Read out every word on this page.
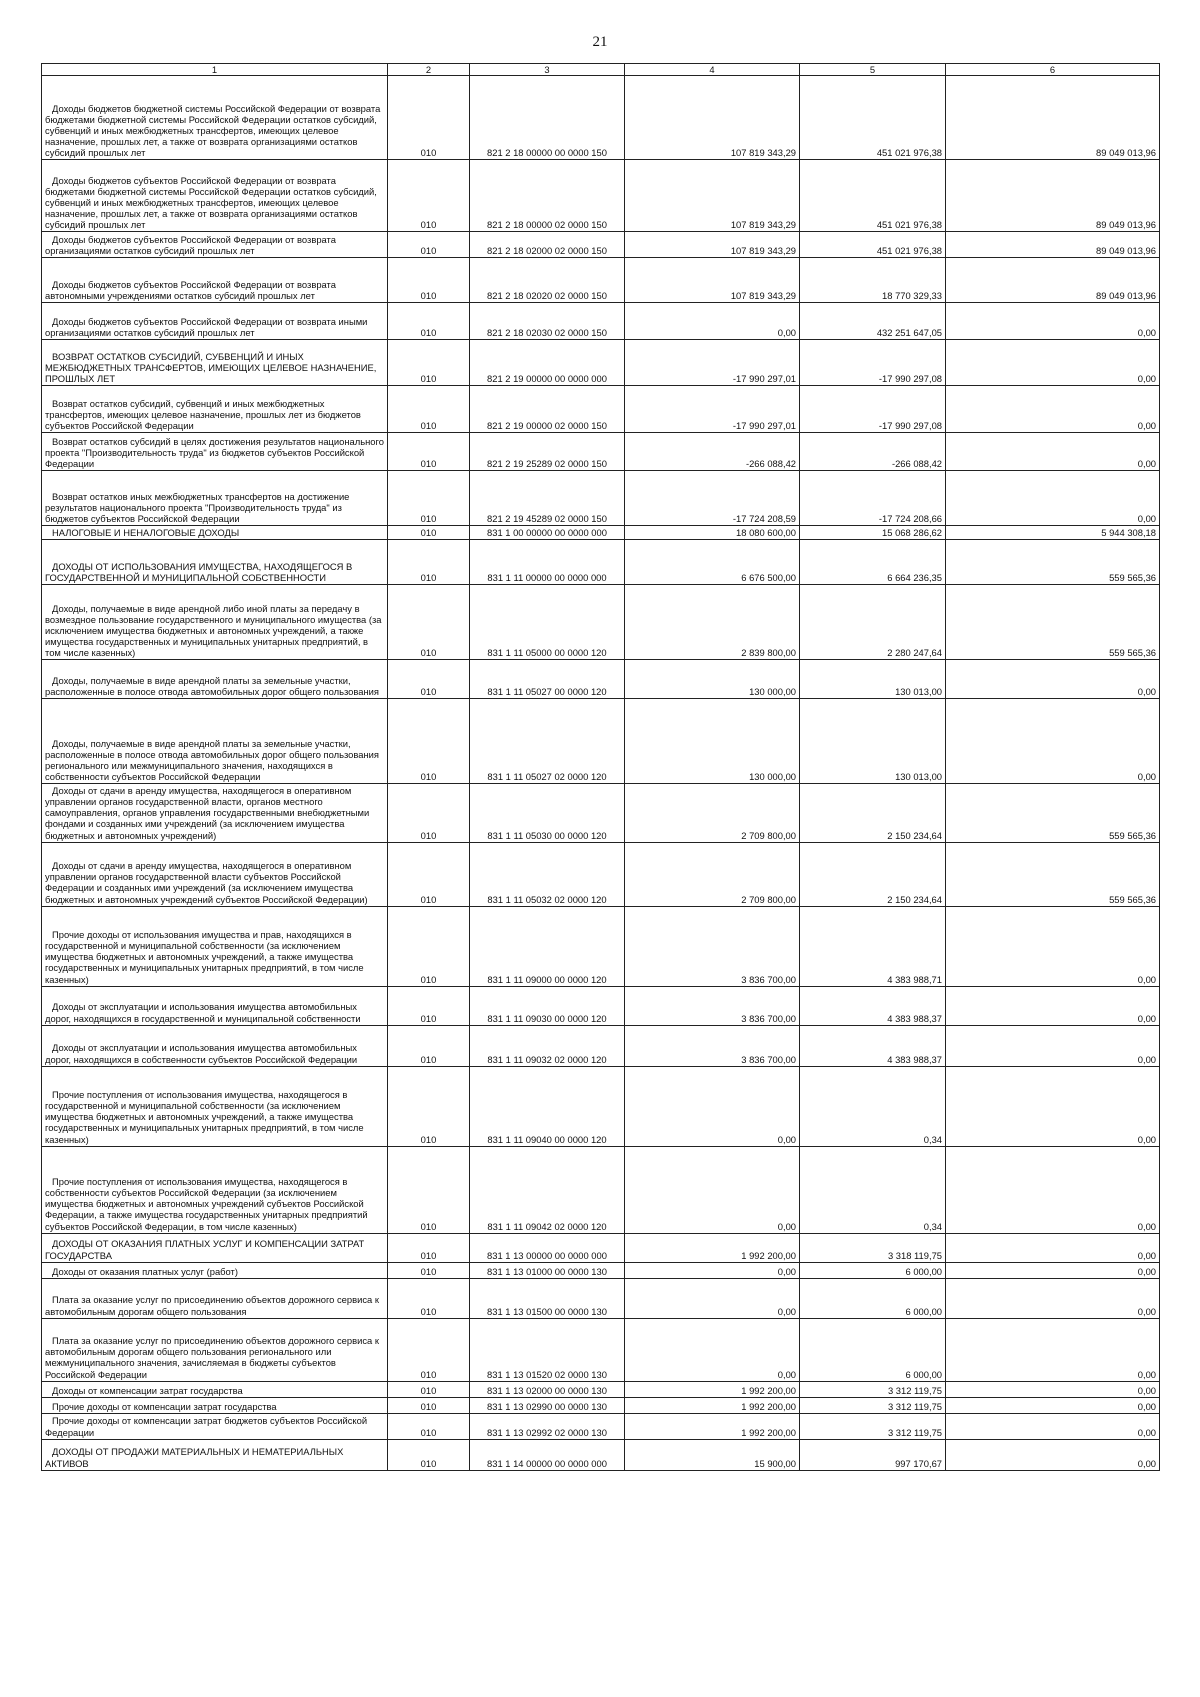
21
1	2	3	4	5	6

Доходы бюджетов бюджетной системы Российской Федерации от возврата бюджетами бюджетной системы Российской Федерации остатков субсидий, субвенций и иных межбюджетных трансфертов, имеющих целевое назначение, прошлых лет, а также от возврата организациями остатков субсидий прошлых лет	010	821 2 18 00000 00 0000 150	107 819 343,29	451 021 976,38	89 049 013,96

Доходы бюджетов субъектов Российской Федерации от возврата бюджетами бюджетной системы Российской Федерации остатков субсидий, субвенций и иных межбюджетных трансфертов, имеющих целевое назначение, прошлых лет, а также от возврата организациями остатков субсидий прошлых лет	010	821 2 18 00000 02 0000 150	107 819 343,29	451 021 976,38	89 049 013,96

Доходы бюджетов субъектов Российской Федерации от возврата организациями остатков субсидий прошлых лет	010	821 2 18 02000 02 0000 150	107 819 343,29	451 021 976,38	89 049 013,96

Доходы бюджетов субъектов Российской Федерации от возврата автономными учреждениями остатков субсидий прошлых лет	010	821 2 18 02020 02 0000 150	107 819 343,29	18 770 329,33	89 049 013,96

Доходы бюджетов субъектов Российской Федерации от возврата иными организациями остатков субсидий прошлых лет	010	821 2 18 02030 02 0000 150	0,00	432 251 647,05	0,00

ВОЗВРАТ ОСТАТКОВ СУБСИДИЙ, СУБВЕНЦИЙ И ИНЫХ МЕЖБЮДЖЕТНЫХ ТРАНСФЕРТОВ, ИМЕЮЩИХ ЦЕЛЕВОЕ НАЗНАЧЕНИЕ, ПРОШЛЫХ ЛЕТ	010	821 2 19 00000 00 0000 000	-17 990 297,01	-17 990 297,08	0,00

Возврат остатков субсидий, субвенций и иных межбюджетных трансфертов, имеющих целевое назначение, прошлых лет из бюджетов субъектов Российской Федерации	010	821 2 19 00000 02 0000 150	-17 990 297,01	-17 990 297,08	0,00

Возврат остатков субсидий в целях достижения результатов национального проекта "Производительность труда" из бюджетов субъектов Российской Федерации	010	821 2 19 25289 02 0000 150	-266 088,42	-266 088,42	0,00

Возврат остатков иных межбюджетных трансфертов на достижение результатов национального проекта "Производительность труда" из бюджетов субъектов Российской Федерации	010	821 2 19 45289 02 0000 150	-17 724 208,59	-17 724 208,66	0,00

НАЛОГОВЫЕ И НЕНАЛОГОВЫЕ ДОХОДЫ	010	831 1 00 00000 00 0000 000	18 080 600,00	15 068 286,62	5 944 308,18

ДОХОДЫ ОТ ИСПОЛЬЗОВАНИЯ ИМУЩЕСТВА, НАХОДЯЩЕГОСЯ В ГОСУДАРСТВЕННОЙ И МУНИЦИПАЛЬНОЙ СОБСТВЕННОСТИ	010	831 1 11 00000 00 0000 000	6 676 500,00	6 664 236,35	559 565,36

Доходы, получаемые в виде арендной либо иной платы за передачу в возмездное пользование государственного и муниципального имущества (за исключением имущества бюджетных и автономных учреждений, а также имущества государственных и муниципальных унитарных предприятий, в том числе казенных)	010	831 1 11 05000 00 0000 120	2 839 800,00	2 280 247,64	559 565,36

Доходы, получаемые в виде арендной платы за земельные участки, расположенные в полосе отвода автомобильных дорог общего пользования	010	831 1 11 05027 00 0000 120	130 000,00	130 013,00	0,00

Доходы, получаемые в виде арендной платы за земельные участки, расположенные в полосе отвода автомобильных дорог общего пользования регионального или межмуниципального значения, находящихся в собственности субъектов Российской Федерации	010	831 1 11 05027 02 0000 120	130 000,00	130 013,00	0,00

Доходы от сдачи в аренду имущества, находящегося в оперативном управлении органов государственной власти, органов местного самоуправления, органов управления государственными внебюджетными фондами и созданных ими учреждений (за исключением имущества бюджетных и автономных учреждений)	010	831 1 11 05030 00 0000 120	2 709 800,00	2 150 234,64	559 565,36

Доходы от сдачи в аренду имущества, находящегося в оперативном управлении органов государственной власти субъектов Российской Федерации и созданных ими учреждений (за исключением имущества бюджетных и автономных учреждений субъектов Российской Федерации)	010	831 1 11 05032 02 0000 120	2 709 800,00	2 150 234,64	559 565,36

Прочие доходы от использования имущества и прав, находящихся в государственной и муниципальной собственности (за исключением имущества бюджетных и автономных учреждений, а также имущества государственных и муниципальных унитарных предприятий, в том числе казенных)	010	831 1 11 09000 00 0000 120	3 836 700,00	4 383 988,71	0,00

Доходы от эксплуатации и использования имущества автомобильных дорог, находящихся в государственной и муниципальной собственности	010	831 1 11 09030 00 0000 120	3 836 700,00	4 383 988,37	0,00

Доходы от эксплуатации и использования имущества автомобильных дорог, находящихся в собственности субъектов Российской Федерации	010	831 1 11 09032 02 0000 120	3 836 700,00	4 383 988,37	0,00

Прочие поступления от использования имущества, находящегося в государственной и муниципальной собственности (за исключением имущества бюджетных и автономных учреждений, а также имущества государственных и муниципальных унитарных предприятий, в том числе казенных)	010	831 1 11 09040 00 0000 120	0,00	0,34	0,00

Прочие поступления от использования имущества, находящегося в собственности субъектов Российской Федерации (за исключением имущества бюджетных и автономных учреждений субъектов Российской Федерации, а также имущества государственных унитарных предприятий субъектов Российской Федерации, в том числе казенных)	010	831 1 11 09042 02 0000 120	0,00	0,34	0,00

ДОХОДЫ ОТ ОКАЗАНИЯ ПЛАТНЫХ УСЛУГ И КОМПЕНСАЦИИ ЗАТРАТ ГОСУДАРСТВА	010	831 1 13 00000 00 0000 000	1 992 200,00	3 318 119,75	0,00

Доходы от оказания платных услуг (работ)	010	831 1 13 01000 00 0000 130	0,00	6 000,00	0,00

Плата за оказание услуг по присоединению объектов дорожного сервиса к автомобильным дорогам общего пользования	010	831 1 13 01500 00 0000 130	0,00	6 000,00	0,00

Плата за оказание услуг по присоединению объектов дорожного сервиса к автомобильным дорогам общего пользования регионального или межмуниципального значения, зачисляемая в бюджеты субъектов Российской Федерации	010	831 1 13 01520 02 0000 130	0,00	6 000,00	0,00

Доходы от компенсации затрат государства	010	831 1 13 02000 00 0000 130	1 992 200,00	3 312 119,75	0,00

Прочие доходы от компенсации затрат государства	010	831 1 13 02990 00 0000 130	1 992 200,00	3 312 119,75	0,00

Прочие доходы от компенсации затрат бюджетов субъектов Российской Федерации	010	831 1 13 02992 02 0000 130	1 992 200,00	3 312 119,75	0,00

ДОХОДЫ ОТ ПРОДАЖИ МАТЕРИАЛЬНЫХ И НЕМАТЕРИАЛЬНЫХ АКТИВОВ	010	831 1 14 00000 00 0000 000	15 900,00	997 170,67	0,00
